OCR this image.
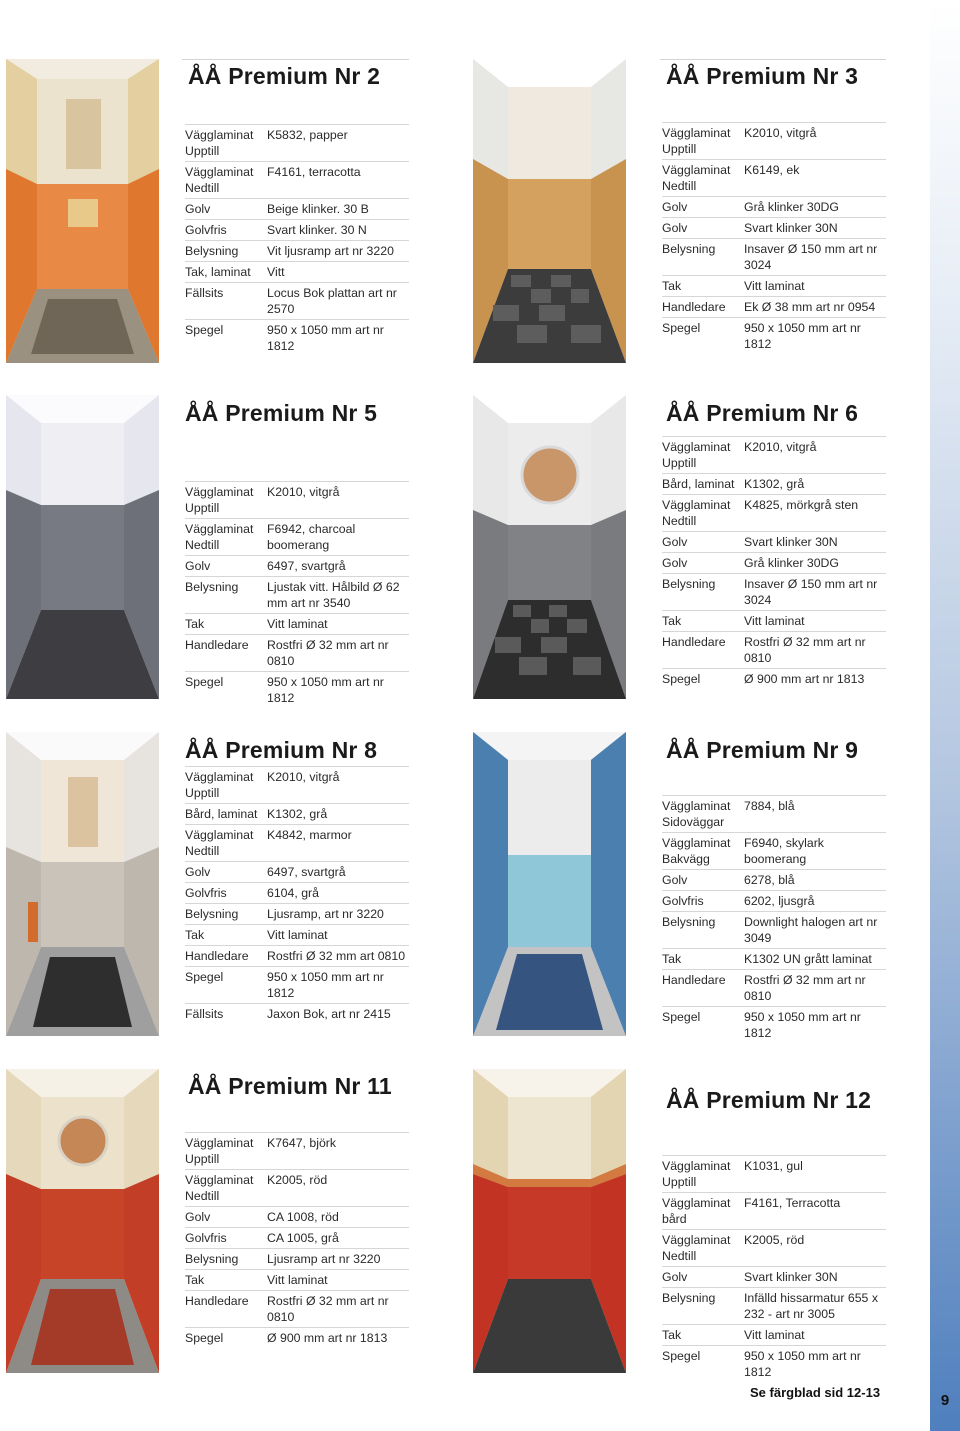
9
Se färgblad sid 12-13
ÅÅ Premium Nr 2
Vägglaminat Upptill	K5832, papper
Vägglaminat Nedtill	F4161, terracotta
Golv	Beige klinker. 30 B
Golvfris	Svart klinker. 30 N
Belysning	Vit ljusramp art nr 3220
Tak, laminat	Vitt
Fällsits	Locus Bok plattan art nr 2570
Spegel	950 x 1050 mm art nr 1812
ÅÅ Premium Nr 3
Vägglaminat Upptill	K2010, vitgrå
Vägglaminat Nedtill	K6149, ek
Golv	Grå klinker 30DG
Golv	Svart klinker 30N
Belysning	Insaver Ø 150 mm art nr 3024
Tak	Vitt laminat
Handledare	Ek Ø 38 mm art nr 0954
Spegel	950 x 1050 mm art nr 1812
ÅÅ Premium Nr 5
Vägglaminat Upptill	K2010, vitgrå
Vägglaminat Nedtill	F6942, charcoal boomerang
Golv	6497, svartgrå
Belysning	Ljustak vitt. Hålbild Ø 62 mm art nr 3540
Tak	Vitt laminat
Handledare	Rostfri Ø 32 mm art nr 0810
Spegel	950 x 1050 mm art nr 1812
ÅÅ Premium Nr 6
Vägglaminat Upptill	K2010, vitgrå
Bård, laminat	K1302, grå
Vägglaminat Nedtill	K4825, mörkgrå sten
Golv	Svart klinker 30N
Golv	Grå klinker 30DG
Belysning	Insaver Ø 150 mm art nr 3024
Tak	Vitt laminat
Handledare	Rostfri Ø 32 mm art nr 0810
Spegel	Ø 900 mm art nr 1813
ÅÅ Premium Nr 8
Vägglaminat Upptill	K2010, vitgrå
Bård, laminat	K1302, grå
Vägglaminat Nedtill	K4842, marmor
Golv	6497, svartgrå
Golvfris	6104, grå
Belysning	Ljusramp, art nr 3220
Tak	Vitt laminat
Handledare	Rostfri Ø 32 mm art 0810
Spegel	950 x 1050 mm art nr 1812
Fällsits	Jaxon Bok, art nr 2415
ÅÅ Premium Nr 9
Vägglaminat Sidoväggar	7884, blå
Vägglaminat Bakvägg	F6940, skylark boomerang
Golv	6278, blå
Golvfris	6202, ljusgrå
Belysning	Downlight halogen art nr 3049
Tak	K1302 UN grått laminat
Handledare	Rostfri Ø 32 mm art nr 0810
Spegel	950 x 1050 mm art nr 1812
ÅÅ Premium Nr 11
Vägglaminat Upptill	K7647, björk
Vägglaminat Nedtill	K2005, röd
Golv	CA 1008, röd
Golvfris	CA 1005, grå
Belysning	Ljusramp art nr 3220
Tak	Vitt laminat
Handledare	Rostfri Ø 32 mm art nr 0810
Spegel	Ø 900 mm art nr 1813
ÅÅ Premium Nr 12
Vägglaminat Upptill	K1031, gul
Vägglaminat bård	F4161, Terracotta
Vägglaminat Nedtill	K2005, röd
Golv	Svart klinker 30N
Belysning	Infälld hissarmatur 655 x 232 - art nr 3005
Tak	Vitt laminat
Spegel	950 x 1050 mm art nr 1812
